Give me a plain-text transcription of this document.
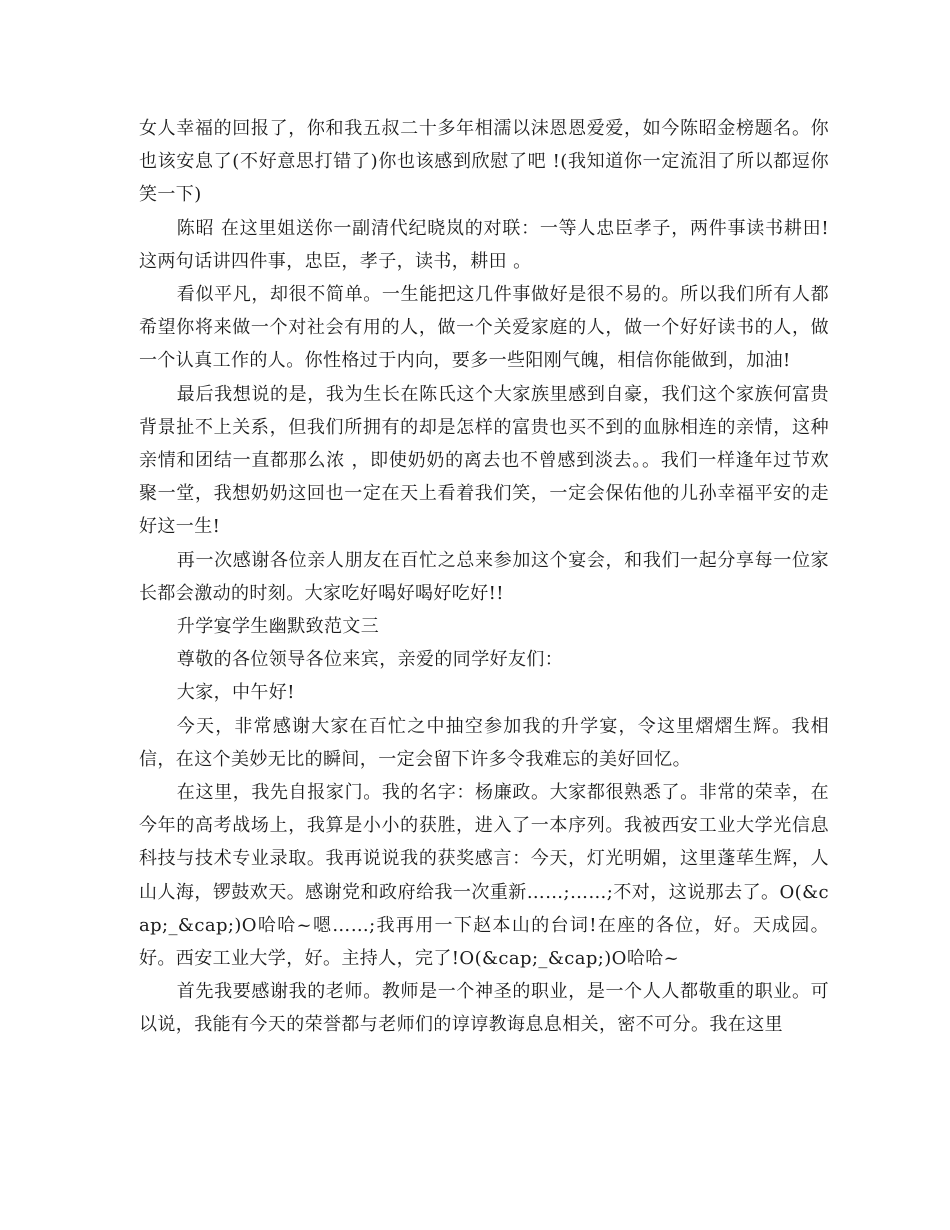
女人幸福的回报了，你和我五叔二十多年相濡以沫恩恩爱爱，如今陈昭金榜题名。你也该安息了(不好意思打错了)你也该感到欣慰了吧 !(我知道你一定流泪了所以都逗你笑一下)

陈昭 在这里姐送你一副清代纪晓岚的对联：一等人忠臣孝子，两件事读书耕田!这两句话讲四件事，忠臣，孝子，读书，耕田 。

看似平凡，却很不简单。一生能把这几件事做好是很不易的。所以我们所有人都希望你将来做一个对社会有用的人，做一个关爱家庭的人，做一个好好读书的人，做一个认真工作的人。你性格过于内向，要多一些阳刚气魄，相信你能做到，加油!

最后我想说的是，我为生长在陈氏这个大家族里感到自豪，我们这个家族何富贵背景扯不上关系，但我们所拥有的却是怎样的富贵也买不到的血脉相连的亲情，这种亲情和团结一直都那么浓 ，即使奶奶的离去也不曾感到淡去。。我们一样逢年过节欢聚一堂，我想奶奶这回也一定在天上看着我们笑，一定会保佑他的儿孙幸福平安的走好这一生!

再一次感谢各位亲人朋友在百忙之总来参加这个宴会，和我们一起分享每一位家长都会激动的时刻。大家吃好喝好喝好吃好!!

升学宴学生幽默致范文三

尊敬的各位领导各位来宾，亲爱的同学好友们：

大家，中午好!

今天，非常感谢大家在百忙之中抽空参加我的升学宴，令这里熠熠生辉。我相信，在这个美妙无比的瞬间，一定会留下许多令我难忘的美好回忆。

在这里，我先自报家门。我的名字：杨廉政。大家都很熟悉了。非常的荣幸，在今年的高考战场上，我算是小小的获胜，进入了一本序列。我被西安工业大学光信息科技与技术专业录取。我再说说我的获奖感言：今天，灯光明媚，这里蓬荜生辉，人山人海，锣鼓欢天。感谢党和政府给我一次重新……;……;不对，这说那去了。O(&cap;_&cap;)O哈哈~嗯……;我再用一下赵本山的台词!在座的各位，好。天成园。好。西安工业大学，好。主持人，完了!O(&cap;_&cap;)O哈哈~

首先我要感谢我的老师。教师是一个神圣的职业，是一个人人都敬重的职业。可以说，我能有今天的荣誉都与老师们的谆谆教诲息息相关，密不可分。我在这里
